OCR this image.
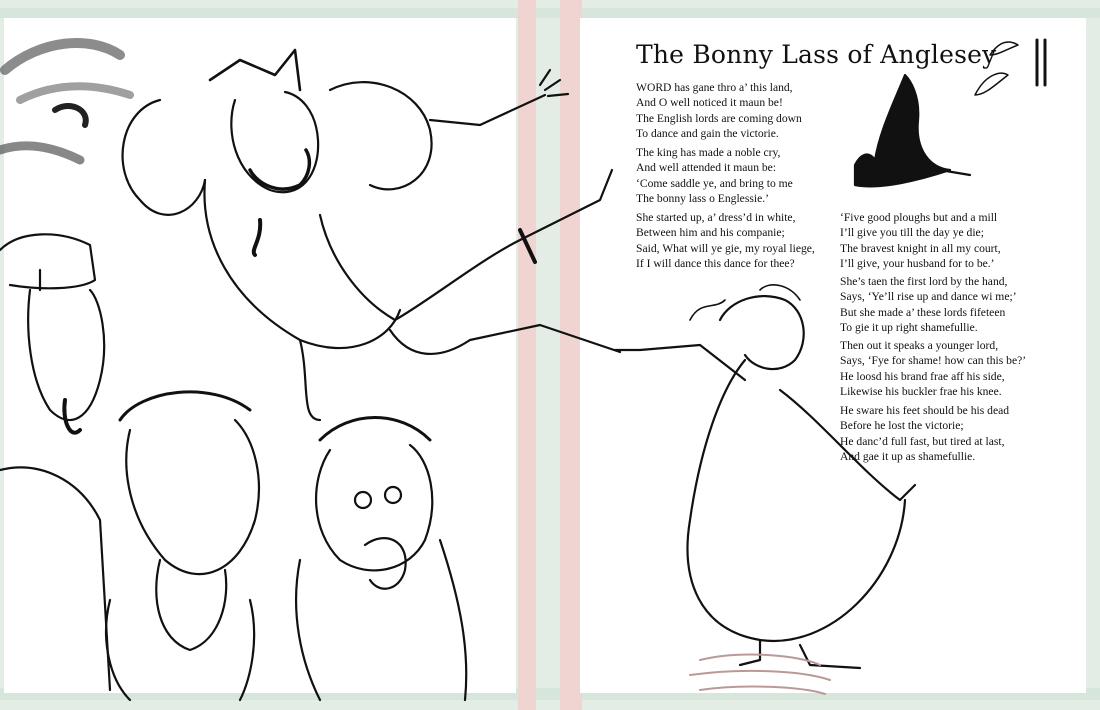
The Bonny Lass of Anglesey
WORD has gane thro a’ this land,
And O well noticed it maun be!
The English lords are coming down
To dance and gain the victorie.
The king has made a noble cry,
And well attended it maun be:
‘Come saddle ye, and bring to me
The bonny lass o Englessie.’
She started up, a’ dress’d in white,
Between him and his companie;
Said, What will ye gie, my royal liege,
If I will dance this dance for thee?
‘Five good ploughs but and a mill
I’ll give you till the day ye die;
The bravest knight in all my court,
I’ll give, your husband for to be.’
She’s taen the first lord by the hand,
Says, ‘Ye’ll rise up and dance wi me;’
But she made a’ these lords fifeteen
To gie it up right shamefullie.
Then out it speaks a younger lord,
Says, ‘Fye for shame! how can this be?’
He loosd his brand frae aff his side,
Likewise his buckler frae his knee.
He sware his feet should be his dead
Before he lost the victorie;
He danc’d full fast, but tired at last,
And gae it up as shamefullie.
